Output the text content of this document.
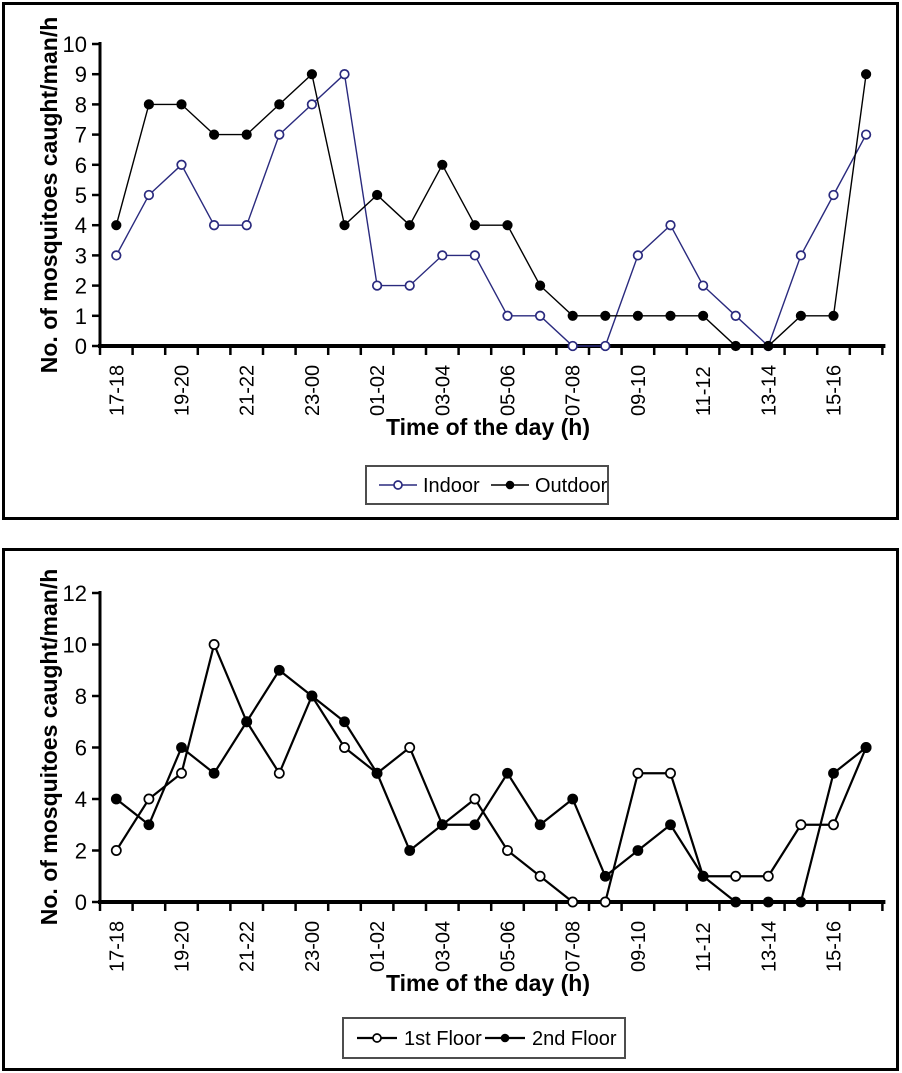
0
1
2
3
4
5
6
7
8
9
10
17-18 19-20 21-22 23-00 01-02 03-04 05-06 07-08 09-10 11-12 13-14 15-16
No. of mosquitoes caught/man/h
Time of the day (h)
Indoor	Outdoor
0
2
4
6
8
10
12
17-18 19-20 21-22 23-00 01-02 03-04 05-06 07-08 09-10 11-12 13-14 15-16
No. of mosquitoes caught/man/h
Time of the day (h)
1st Floor	2nd Floor
